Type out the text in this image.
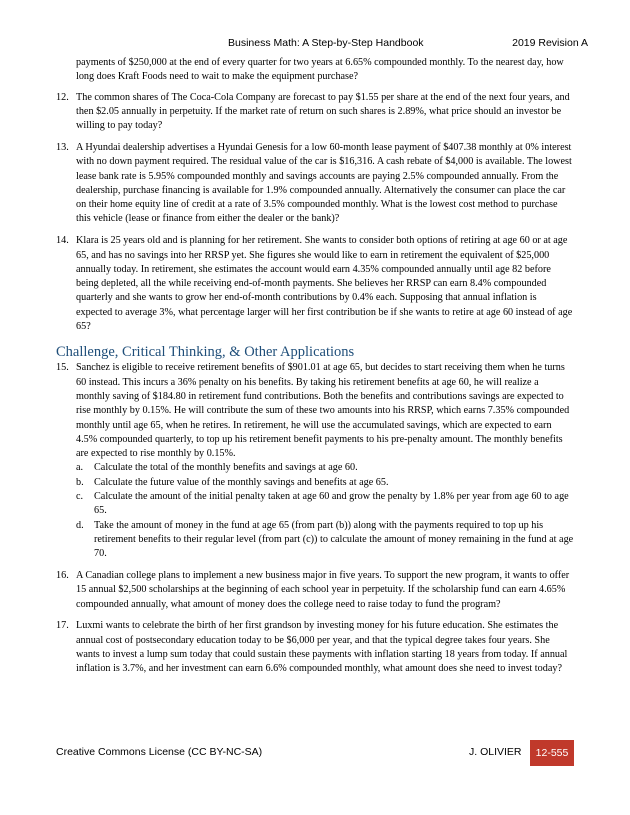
Business Math: A Step-by-Step Handbook	2019 Revision A

payments of $250,000 at the end of every quarter for two years at 6.65% compounded monthly. To the nearest day, how long does Kraft Foods need to wait to make the equipment purchase?

12. The common shares of The Coca-Cola Company are forecast to pay $1.55 per share at the end of the next four years, and then $2.05 annually in perpetuity. If the market rate of return on such shares is 2.89%, what price should an investor be willing to pay today?
13. A Hyundai dealership advertises a Hyundai Genesis for a low 60-month lease payment of $407.38 monthly at 0% interest with no down payment required. The residual value of the car is $16,316. A cash rebate of $4,000 is available. The lowest lease bank rate is 5.95% compounded monthly and savings accounts are paying 2.5% compounded annually. From the dealership, purchase financing is available for 1.9% compounded annually. Alternatively the consumer can place the car on their home equity line of credit at a rate of 3.5% compounded monthly. What is the lowest cost method to purchase this vehicle (lease or finance from either the dealer or the bank)?
14. Klara is 25 years old and is planning for her retirement. She wants to consider both options of retiring at age 60 or at age 65, and has no savings into her RRSP yet. She figures she would like to earn in retirement the equivalent of $25,000 annually today. In retirement, she estimates the account would earn 4.35% compounded annually until age 82 before being depleted, all the while receiving end-of-month payments. She believes her RRSP can earn 8.4% compounded quarterly and she wants to grow her end-of-month contributions by 0.4% each. Supposing that annual inflation is expected to average 3%, what percentage larger will her first contribution be if she wants to retire at age 60 instead of age 65?
Challenge, Critical Thinking, & Other Applications
15. Sanchez is eligible to receive retirement benefits of $901.01 at age 65, but decides to start receiving them when he turns 60 instead. This incurs a 36% penalty on his benefits. By taking his retirement benefits at age 60, he will realize a monthly saving of $184.80 in retirement fund contributions. Both the benefits and contributions savings are expected to rise monthly by 0.15%. He will contribute the sum of these two amounts into his RRSP, which earns 7.35% compounded monthly until age 65, when he retires. In retirement, he will use the accumulated savings, which are expected to earn 4.5% compounded quarterly, to top up his retirement benefit payments to his pre-penalty amount. The monthly benefits are expected to rise monthly by 0.15%.
a. Calculate the total of the monthly benefits and savings at age 60.
b. Calculate the future value of the monthly savings and benefits at age 65.
c. Calculate the amount of the initial penalty taken at age 60 and grow the penalty by 1.8% per year from age 60 to age 65.
d. Take the amount of money in the fund at age 65 (from part (b)) along with the payments required to top up his retirement benefits to their regular level (from part (c)) to calculate the amount of money remaining in the fund at age 70.
16. A Canadian college plans to implement a new business major in five years. To support the new program, it wants to offer 15 annual $2,500 scholarships at the beginning of each school year in perpetuity. If the scholarship fund can earn 4.65% compounded annually, what amount of money does the college need to raise today to fund the program?
17. Luxmi wants to celebrate the birth of her first grandson by investing money for his future education. She estimates the annual cost of postsecondary education today to be $6,000 per year, and that the typical degree takes four years. She wants to invest a lump sum today that could sustain these payments with inflation starting 18 years from today. If annual inflation is 3.7%, and her investment can earn 6.6% compounded monthly, what amount does she need to invest today?
Creative Commons License (CC BY-NC-SA)	J. OLIVIER	12-555
